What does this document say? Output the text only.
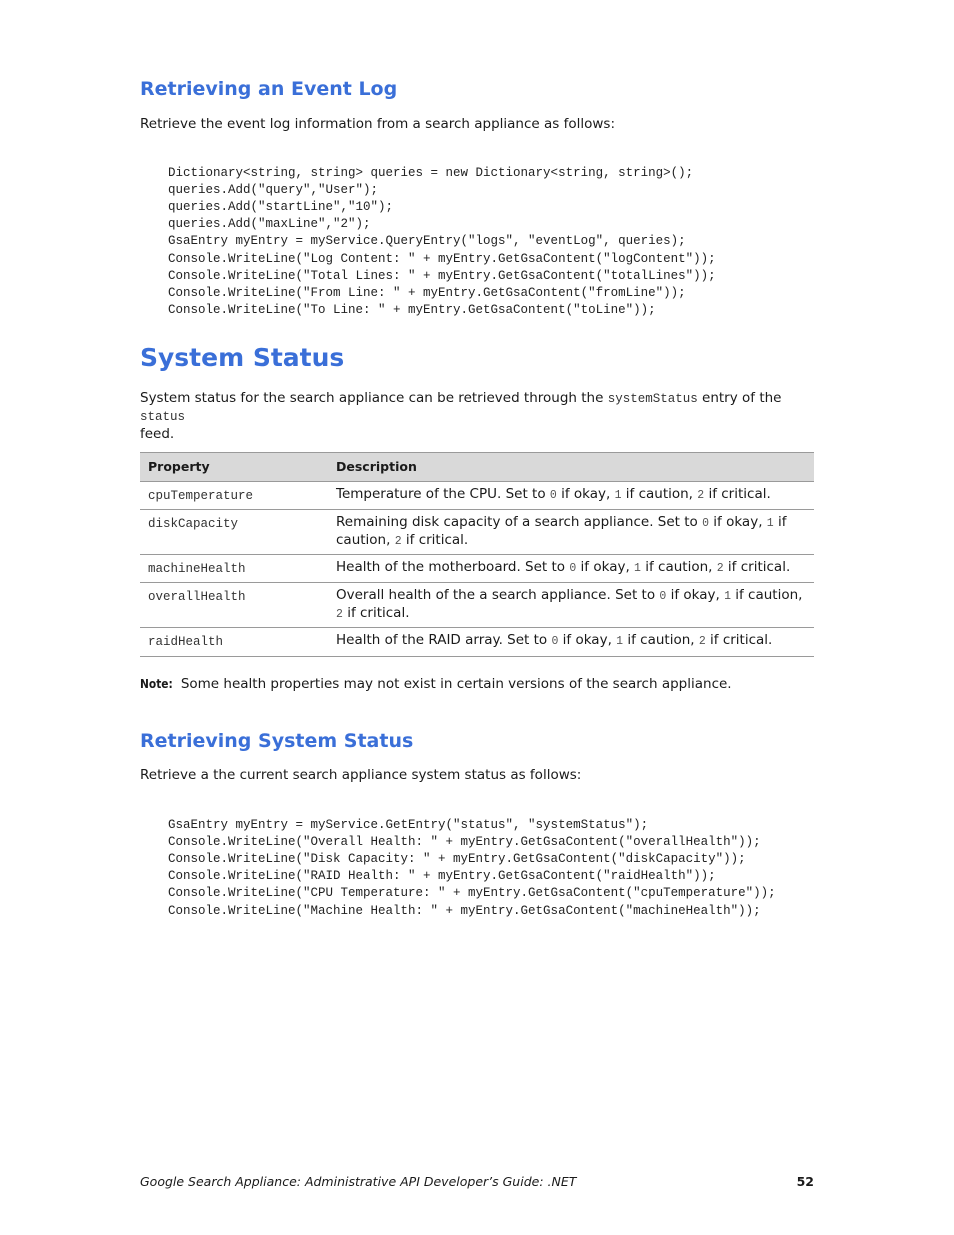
Retrieving an Event Log

Retrieve the event log information from a search appliance as follows:

Dictionary<string, string> queries = new Dictionary<string, string>();
queries.Add("query","User");
queries.Add("startLine","10");
queries.Add("maxLine","2");
GsaEntry myEntry = myService.QueryEntry("logs", "eventLog", queries);
Console.WriteLine("Log Content: " + myEntry.GetGsaContent("logContent"));
Console.WriteLine("Total Lines: " + myEntry.GetGsaContent("totalLines"));
Console.WriteLine("From Line: " + myEntry.GetGsaContent("fromLine"));
Console.WriteLine("To Line: " + myEntry.GetGsaContent("toLine"));

System Status

System status for the search appliance can be retrieved through the systemStatus entry of the status
feed.

Property	Description
cpuTemperature	Temperature of the CPU. Set to 0 if okay, 1 if caution, 2 if critical.
diskCapacity	Remaining disk capacity of a search appliance. Set to 0 if okay, 1 if caution, 2 if critical.
machineHealth	Health of the motherboard. Set to 0 if okay, 1 if caution, 2 if critical.
overallHealth	Overall health of the a search appliance. Set to 0 if okay, 1 if caution, 2 if critical.
raidHealth	Health of the RAID array. Set to 0 if okay, 1 if caution, 2 if critical.
Note: Some health properties may not exist in certain versions of the search appliance.
Retrieving System Status

Retrieve a the current search appliance system status as follows:

GsaEntry myEntry = myService.GetEntry("status", "systemStatus");
Console.WriteLine("Overall Health: " + myEntry.GetGsaContent("overallHealth"));
Console.WriteLine("Disk Capacity: " + myEntry.GetGsaContent("diskCapacity"));
Console.WriteLine("RAID Health: " + myEntry.GetGsaContent("raidHealth"));
Console.WriteLine("CPU Temperature: " + myEntry.GetGsaContent("cpuTemperature"));
Console.WriteLine("Machine Health: " + myEntry.GetGsaContent("machineHealth"));

Google Search Appliance: Administrative API Developer’s Guide: .NET	52
